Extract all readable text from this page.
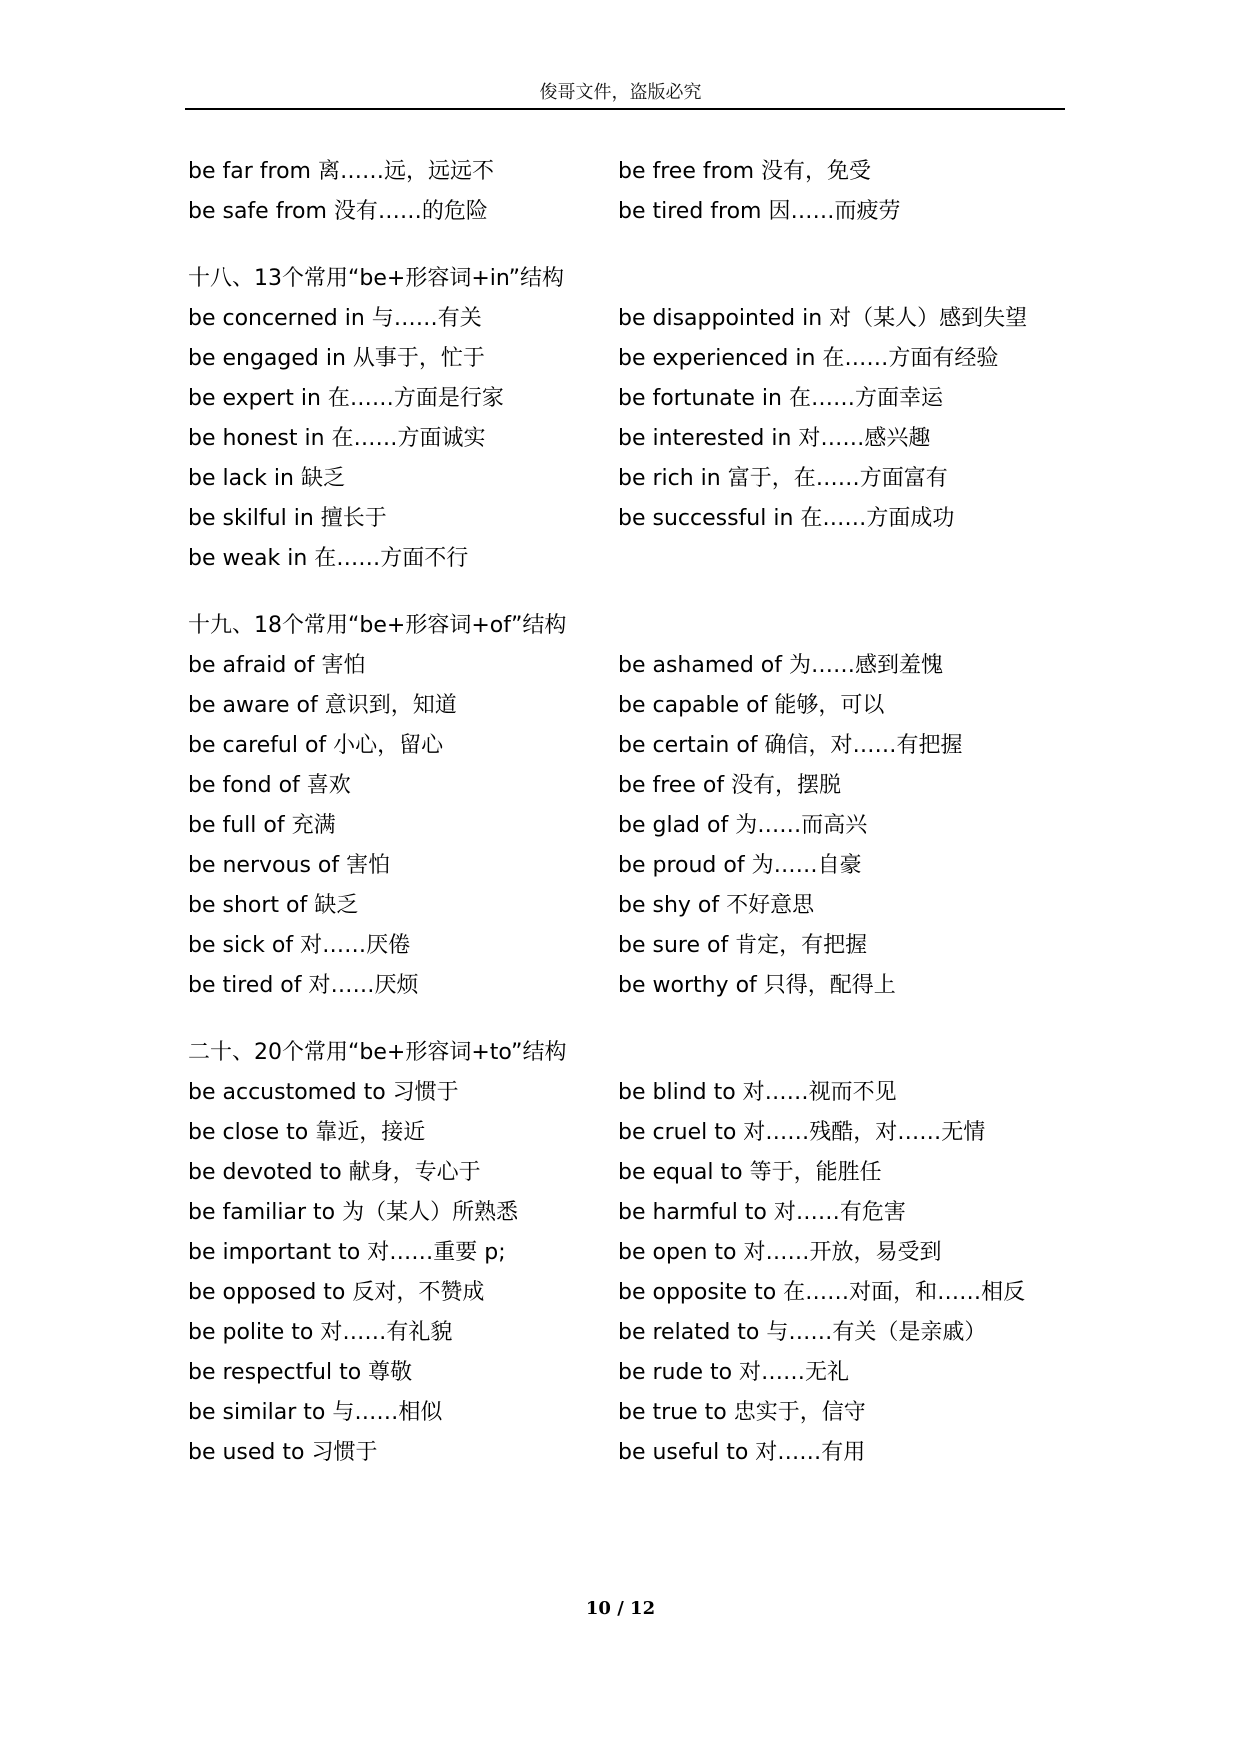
俊哥文件，盗版必究
be far from 离……远，远远不	be free from 没有，免受
be safe from 没有……的危险	be tired from 因……而疲劳
十八、13个常用“be+形容词+in”结构
be concerned in 与……有关	be disappointed in 对（某人）感到失望
be engaged in 从事于，忙于	be experienced in 在……方面有经验
be expert in 在……方面是行家	be fortunate in 在……方面幸运
be honest in 在……方面诚实	be interested in 对……感兴趣
be lack in 缺乏	be rich in 富于，在……方面富有
be skilful in 擅长于	be successful in 在……方面成功
be weak in 在……方面不行
十九、18个常用“be+形容词+of”结构
be afraid of 害怕	be ashamed of 为……感到羞愧
be aware of 意识到，知道	be capable of 能够，可以
be careful of 小心，留心	be certain of 确信，对……有把握
be fond of 喜欢	be free of 没有，摆脱
be full of 充满	be glad of 为……而高兴
be nervous of 害怕	be proud of 为……自豪
be short of 缺乏	be shy of 不好意思
be sick of 对……厌倦	be sure of 肯定，有把握
be tired of 对……厌烦	be worthy of 只得，配得上
二十、20个常用“be+形容词+to”结构
be accustomed to 习惯于	be blind to 对……视而不见
be close to 靠近，接近	be cruel to 对……残酷，对……无情
be devoted to 献身，专心于	be equal to 等于，能胜任
be familiar to 为（某人）所熟悉	be harmful to 对……有危害
be important to 对……重要 p;	be open to 对……开放，易受到
be opposed to 反对，不赞成	be opposite to 在……对面，和……相反
be polite to 对……有礼貌	be related to 与……有关（是亲戚）
be respectful to 尊敬	be rude to 对……无礼
be similar to 与……相似	be true to 忠实于，信守
be used to 习惯于	be useful to 对……有用
10 / 12
